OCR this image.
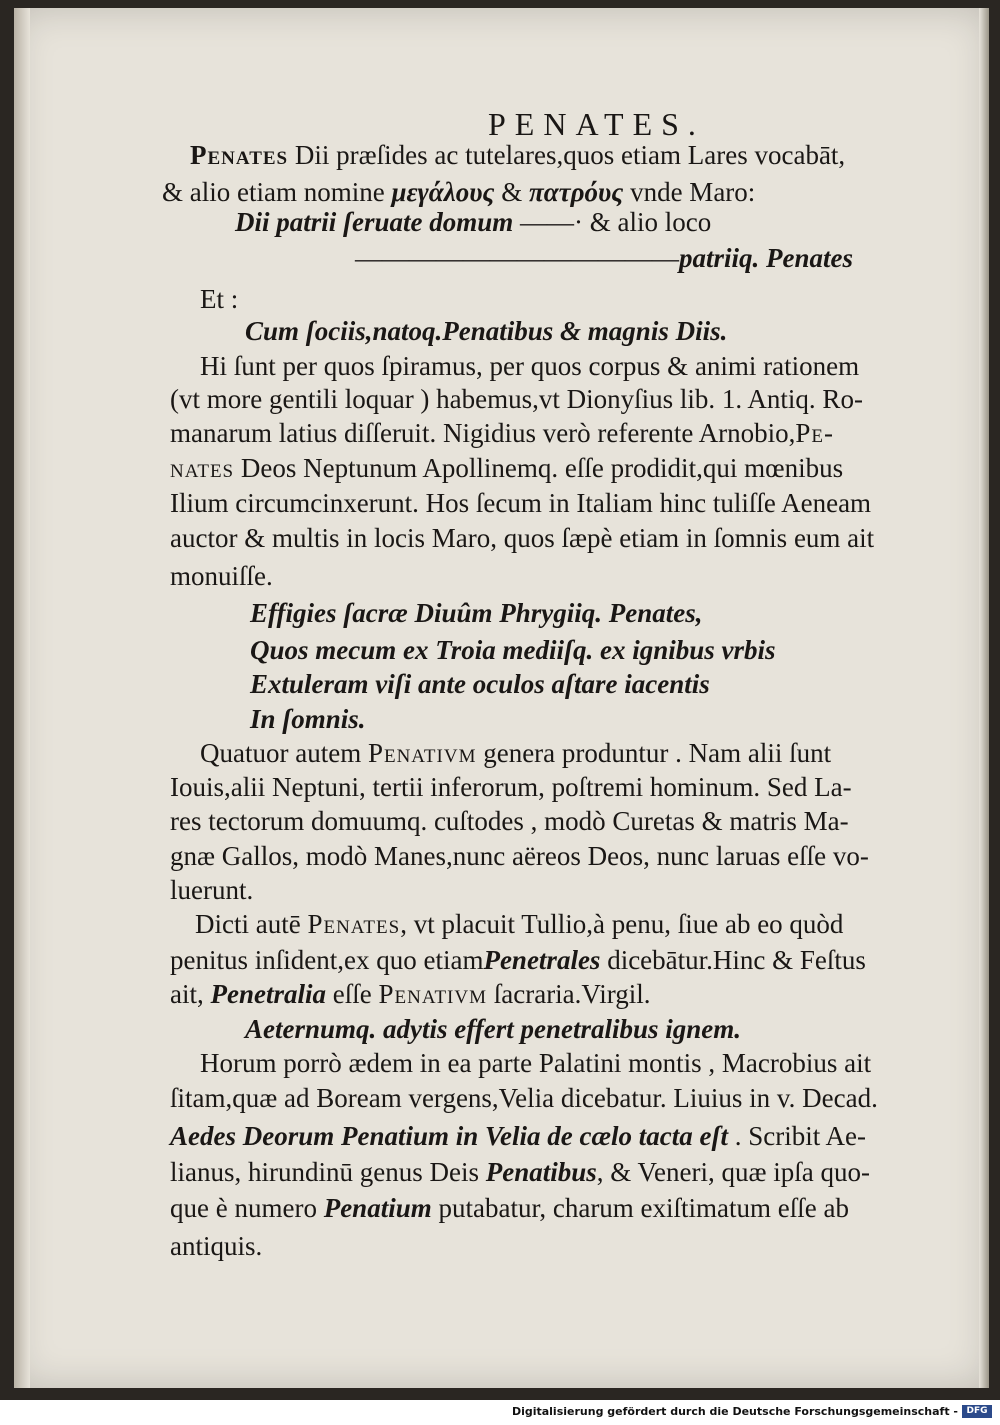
PENATES.
Penates Dii præſides ac tutelares,quos etiam Lares vocabāt,
& alio etiam nomine μεγάλους & πατρόυς vnde Maro:
Dii patrii ſeruate domum ——· & alio loco
————————————patriiq. Penates
Et :
Cum ſociis,natoq.Penatibus & magnis Diis.
Hi ſunt per quos ſpiramus, per quos corpus & animi rationem
(vt more gentili loquar ) habemus,vt Dionyſius lib. 1. Antiq. Ro-
manarum latius diſſeruit. Nigidius verò referente Arnobio,Pe-
nates Deos Neptunum Apollinemq. eſſe prodidit,qui mœnibus
Ilium circumcinxerunt. Hos ſecum in Italiam hinc tuliſſe Aeneam
auctor & multis in locis Maro, quos ſæpè etiam in ſomnis eum ait
monuiſſe.
Effigies ſacræ Diuûm Phrygiiq. Penates,
Quos mecum ex Troia mediiſq. ex ignibus vrbis
Extuleram viſi ante oculos aſtare iacentis
In ſomnis.
Quatuor autem Penativm genera produntur . Nam alii ſunt
Iouis,alii Neptuni, tertii inferorum, poſtremi hominum. Sed La-
res tectorum domuumq. cuſtodes , modò Curetas & matris Ma-
gnæ Gallos, modò Manes,nunc aëreos Deos, nunc laruas eſſe vo-
luerunt.
Dicti autē Penates, vt placuit Tullio,à penu, ſiue ab eo quòd
penitus inſident,ex quo etiamPenetrales dicebātur.Hinc & Feſtus
ait, Penetralia eſſe Penativm ſacraria.Virgil.
Aeternumq. adytis effert penetralibus ignem.
Horum porrò ædem in ea parte Palatini montis , Macrobius ait
ſitam,quæ ad Boream vergens,Velia dicebatur. Liuius in v. Decad.
Aedes Deorum Penatium in Velia de cælo tacta eſt . Scribit Ae-
lianus, hirundinū genus Deis Penatibus, & Veneri, quæ ipſa quo-
que è numero Penatium putabatur, charum exiſtimatum eſſe ab
antiquis.
Digitalisierung gefördert durch die Deutsche Forschungsgemeinschaft - DFG
